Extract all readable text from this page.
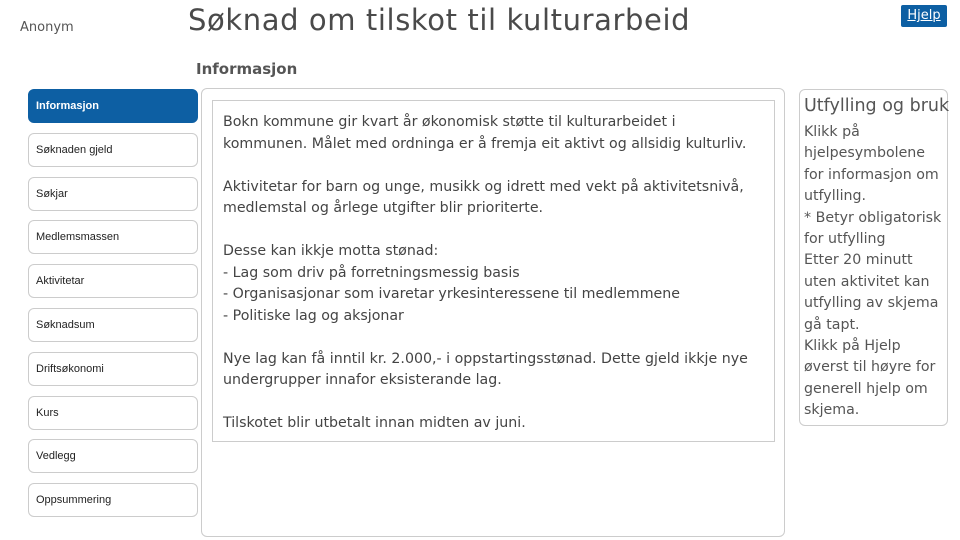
Anonym	Søknad om tilskot til kulturarbeid	Hjelp
Informasjon
Informasjon
Søknaden gjeld
Søkjar
Medlemsmassen
Aktivitetar
Søknadsum
Driftsøkonomi
Kurs
Vedlegg
Oppsummering

Bokn kommune gir kvart år økonomisk støtte til kulturarbeidet i kommunen. Målet med ordninga er å fremja eit aktivt og allsidig kulturliv.

Aktivitetar for barn og unge, musikk og idrett med vekt på aktivitetsnivå, medlemstal og årlege utgifter blir prioriterte.

Desse kan ikkje motta stønad:
- Lag som driv på forretningsmessig basis
- Organisasjonar som ivaretar yrkesinteressene til medlemmene
- Politiske lag og aksjonar

Nye lag kan få inntil kr. 2.000,- i oppstartingsstønad. Dette gjeld ikkje nye undergrupper innafor eksisterande lag.

Tilskotet blir utbetalt innan midten av juni.

Utfylling og bruk
Klikk på
hjelpesymbolene
for informasjon om
utfylling.
* Betyr obligatorisk
for utfylling
Etter 20 minutt
uten aktivitet kan
utfylling av skjema
gå tapt.
Klikk på Hjelp
øverst til høyre for
generell hjelp om
skjema.
